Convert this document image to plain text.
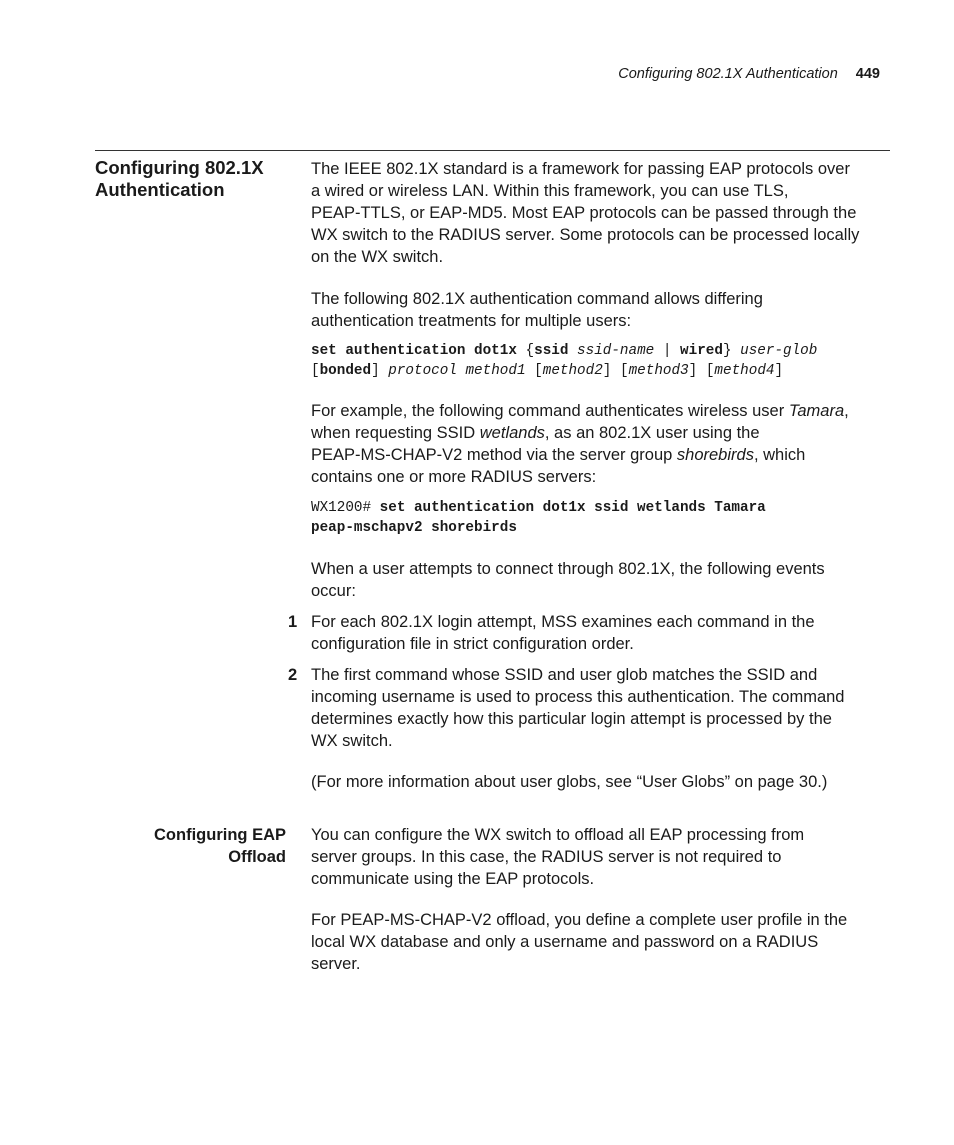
Configuring 802.1X Authentication 449
Configuring 802.1X
Authentication
The IEEE 802.1X standard is a framework for passing EAP protocols over
a wired or wireless LAN. Within this framework, you can use TLS,
PEAP-TTLS, or EAP-MD5. Most EAP protocols can be passed through the
WX switch to the RADIUS server. Some protocols can be processed locally
on the WX switch.
The following 802.1X authentication command allows differing
authentication treatments for multiple users:
set authentication dot1x {ssid ssid-name | wired} user-glob
[bonded] protocol method1 [method2] [method3] [method4]
For example, the following command authenticates wireless user Tamara,
when requesting SSID wetlands, as an 802.1X user using the
PEAP-MS-CHAP-V2 method via the server group shorebirds, which
contains one or more RADIUS servers:
WX1200# set authentication dot1x ssid wetlands Tamara
peap-mschapv2 shorebirds
When a user attempts to connect through 802.1X, the following events
occur:
1 For each 802.1X login attempt, MSS examines each command in the
configuration file in strict configuration order.
2 The first command whose SSID and user glob matches the SSID and
incoming username is used to process this authentication. The command
determines exactly how this particular login attempt is processed by the
WX switch.
(For more information about user globs, see “User Globs” on page 30.)
Configuring EAP
Offload
You can configure the WX switch to offload all EAP processing from
server groups. In this case, the RADIUS server is not required to
communicate using the EAP protocols.
For PEAP-MS-CHAP-V2 offload, you define a complete user profile in the
local WX database and only a username and password on a RADIUS
server.
